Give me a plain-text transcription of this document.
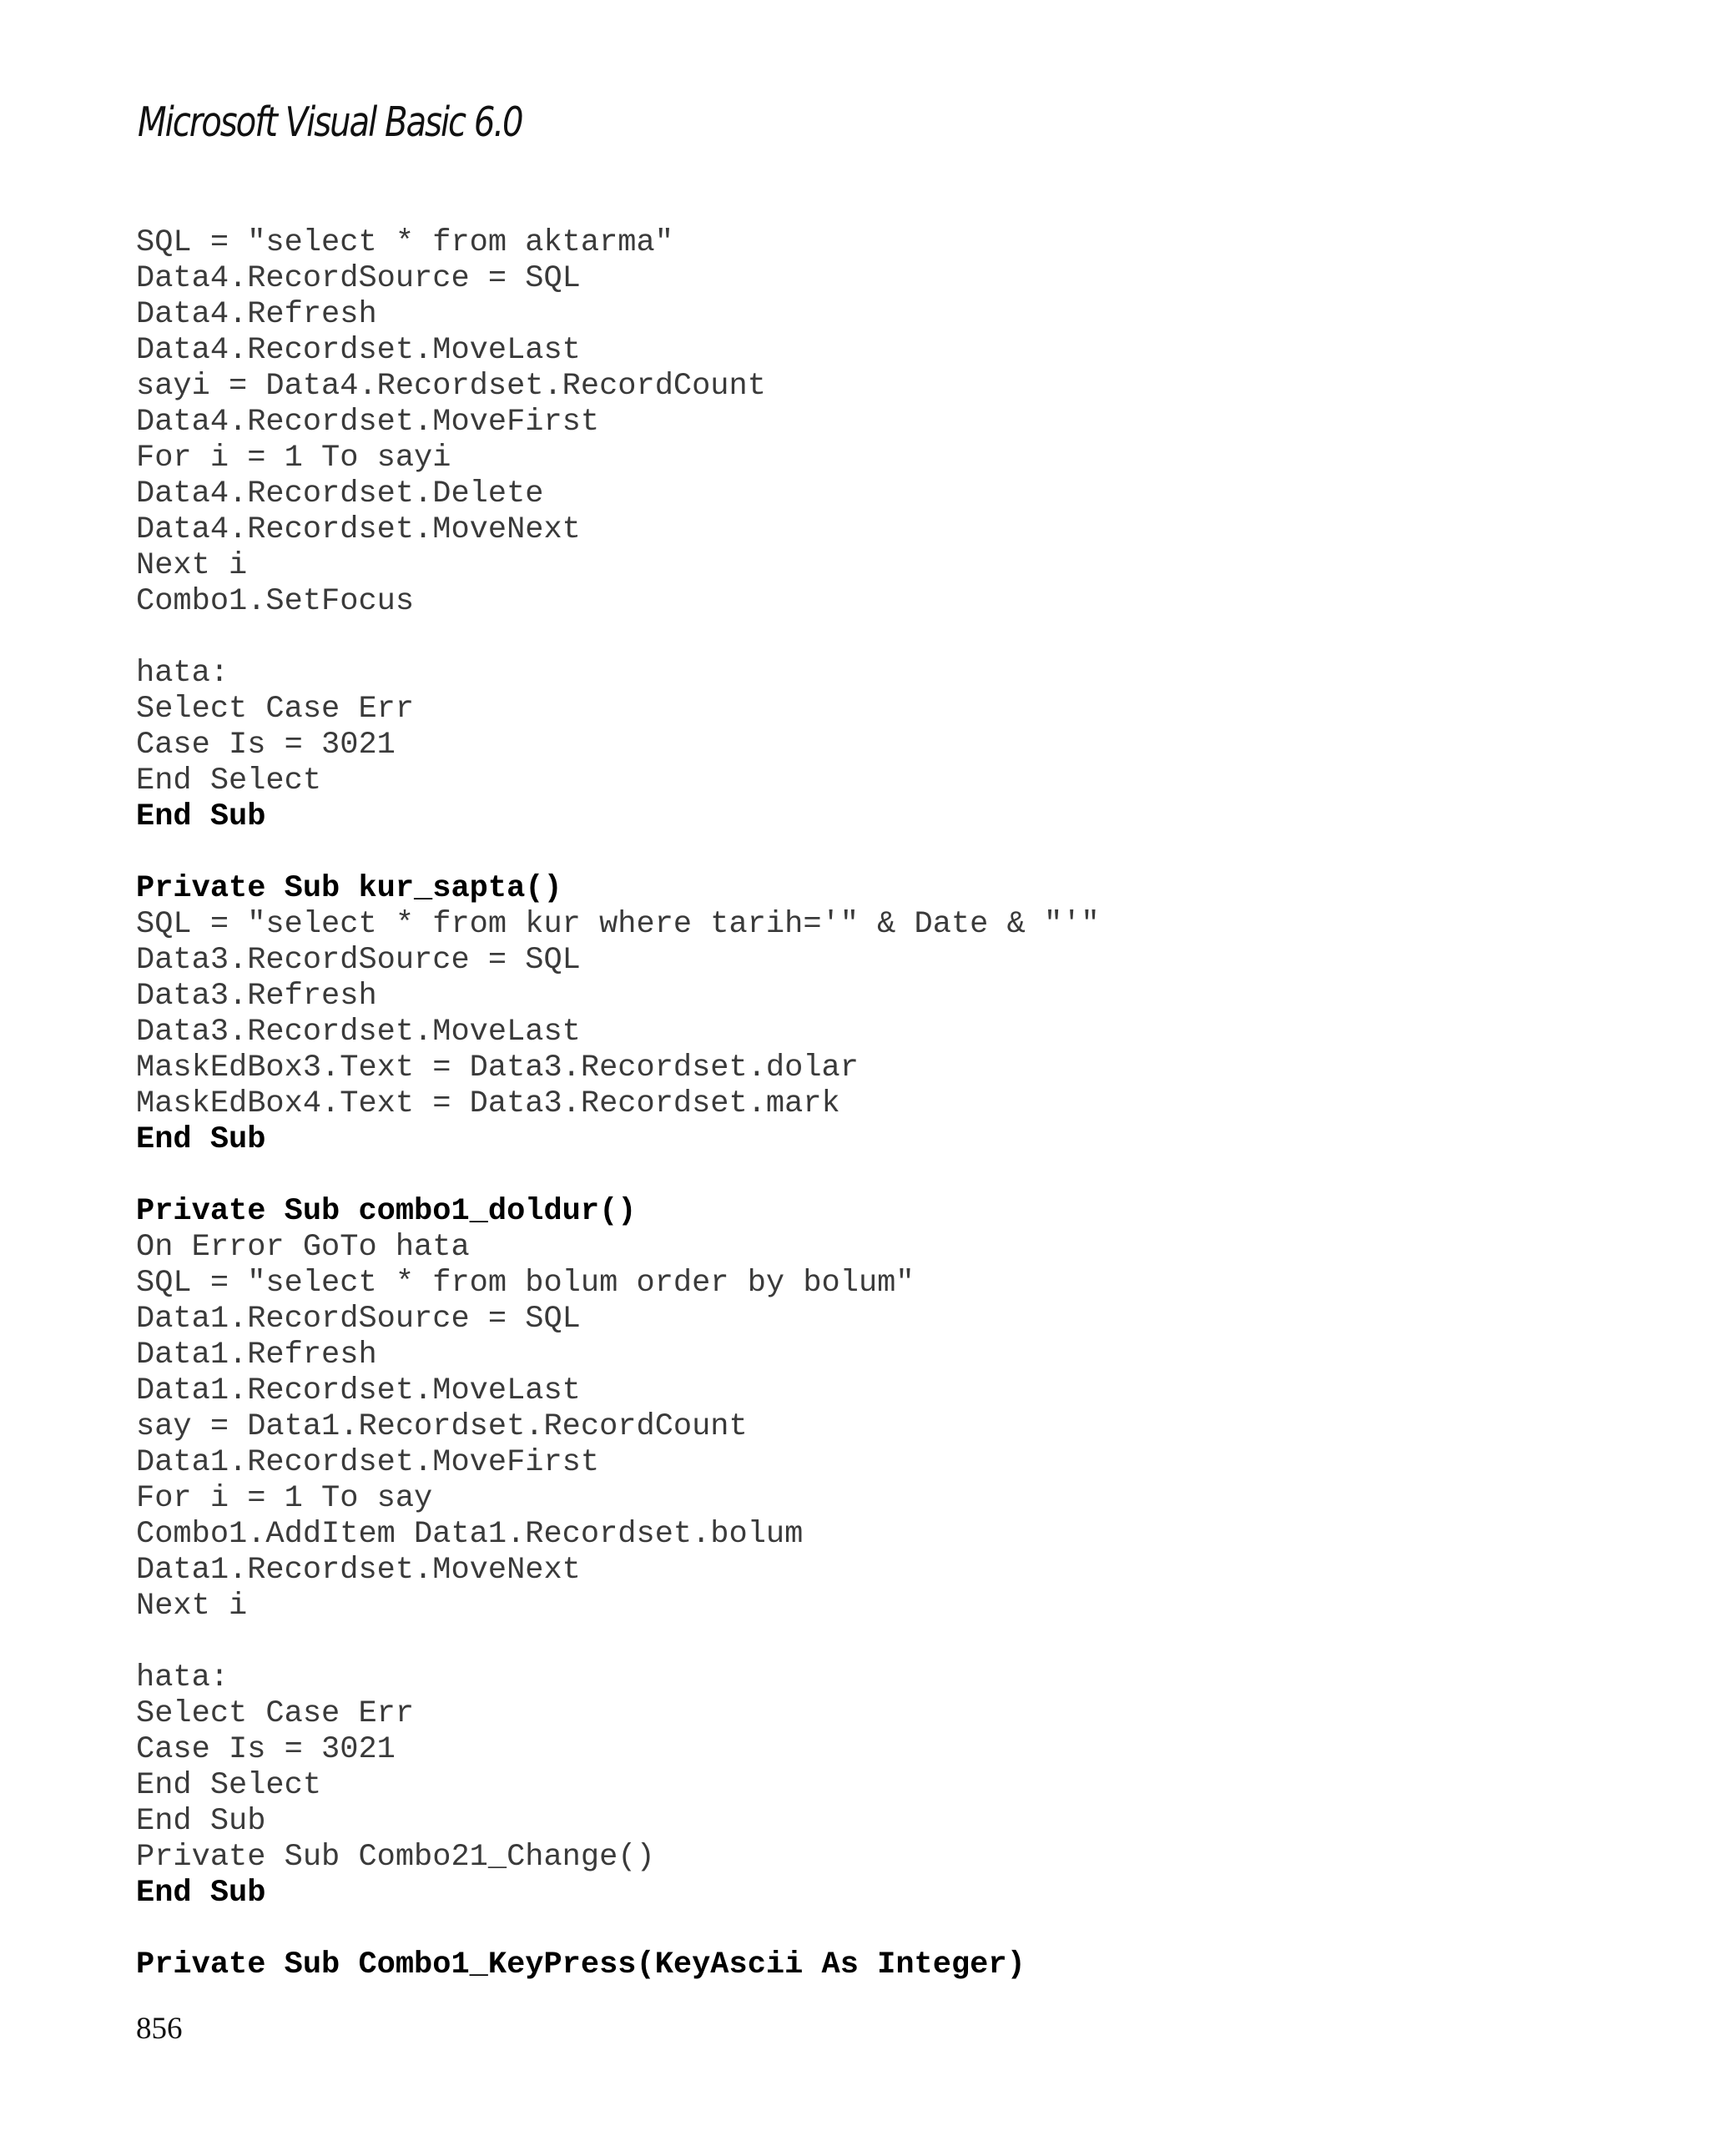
Microsoft Visual Basic 6.0
SQL = "select * from aktarma"
Data4.RecordSource = SQL
Data4.Refresh
Data4.Recordset.MoveLast
sayi = Data4.Recordset.RecordCount
Data4.Recordset.MoveFirst
For i = 1 To sayi
Data4.Recordset.Delete
Data4.Recordset.MoveNext
Next i
Combo1.SetFocus
hata:
Select Case Err
Case Is = 3021
End Select
End Sub
Private Sub kur_sapta()
SQL = "select * from kur where tarih='" & Date & "'"
Data3.RecordSource = SQL
Data3.Refresh
Data3.Recordset.MoveLast
MaskEdBox3.Text = Data3.Recordset.dolar
MaskEdBox4.Text = Data3.Recordset.mark
End Sub
Private Sub combo1_doldur()
On Error GoTo hata
SQL = "select * from bolum order by bolum"
Data1.RecordSource = SQL
Data1.Refresh
Data1.Recordset.MoveLast
say = Data1.Recordset.RecordCount
Data1.Recordset.MoveFirst
For i = 1 To say
Combo1.AddItem Data1.Recordset.bolum
Data1.Recordset.MoveNext
Next i
hata:
Select Case Err
Case Is = 3021
End Select
End Sub
Private Sub Combo21_Change()
End Sub
Private Sub Combo1_KeyPress(KeyAscii As Integer)
856
